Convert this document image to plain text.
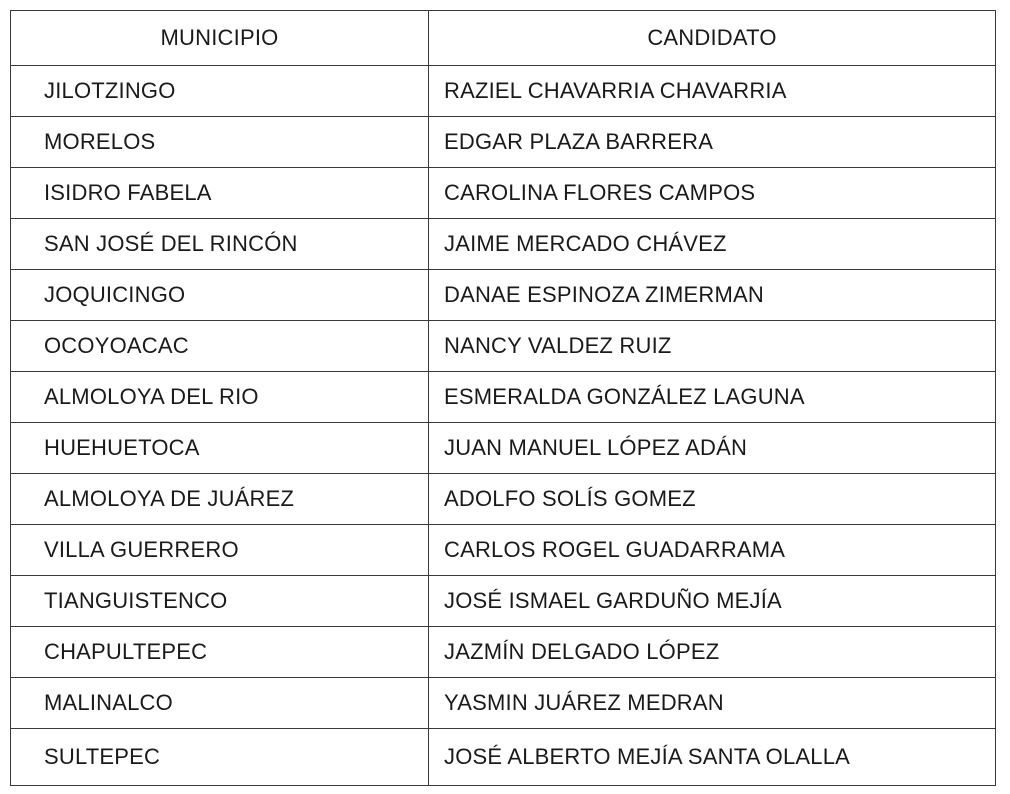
MUNICIPIO	CANDIDATO
JILOTZINGO	RAZIEL CHAVARRIA CHAVARRIA
MORELOS	EDGAR PLAZA BARRERA
ISIDRO FABELA	CAROLINA FLORES CAMPOS
SAN JOSÉ DEL RINCÓN	JAIME MERCADO CHÁVEZ
JOQUICINGO	DANAE ESPINOZA ZIMERMAN
OCOYOACAC	NANCY VALDEZ RUIZ
ALMOLOYA DEL RIO	ESMERALDA GONZÁLEZ LAGUNA
HUEHUETOCA	JUAN MANUEL LÓPEZ ADÁN
ALMOLOYA DE JUÁREZ	ADOLFO SOLÍS GOMEZ
VILLA GUERRERO	CARLOS ROGEL GUADARRAMA
TIANGUISTENCO	JOSÉ ISMAEL GARDUÑO MEJÍA
CHAPULTEPEC	JAZMÍN DELGADO LÓPEZ
MALINALCO	YASMIN JUÁREZ MEDRAN
SULTEPEC	JOSÉ ALBERTO MEJÍA SANTA OLALLA
